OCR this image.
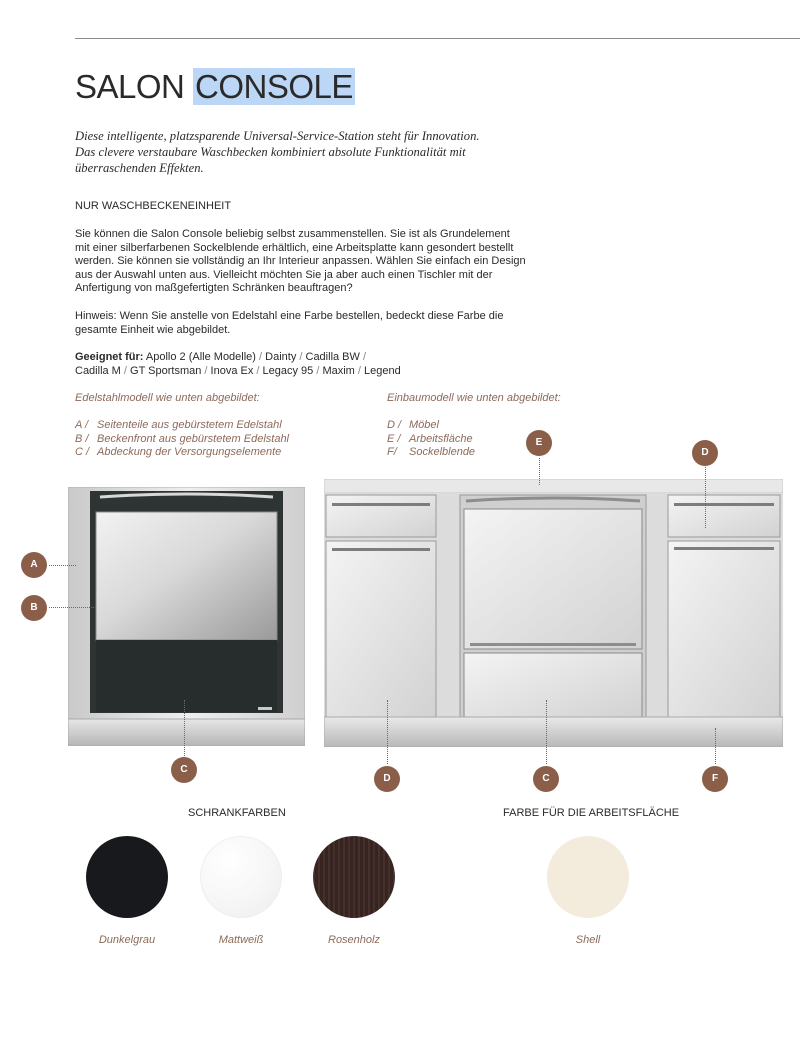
SALON CONSOLE
Diese intelligente, platzsparende Universal-Service-Station steht für Innovation.
Das clevere verstaubare Waschbecken kombiniert absolute Funktionalität mit
überraschenden Effekten.
NUR WASCHBECKENEINHEIT
Sie können die Salon Console beliebig selbst zusammenstellen. Sie ist als Grundelement
mit einer silberfarbenen Sockelblende erhältlich, eine Arbeitsplatte kann gesondert bestellt
werden. Sie können sie vollständig an Ihr Interieur anpassen. Wählen Sie einfach ein Design
aus der Auswahl unten aus. Vielleicht möchten Sie ja aber auch einen Tischler mit der
Anfertigung von maßgefertigten Schränken beauftragen?
Hinweis: Wenn Sie anstelle von Edelstahl eine Farbe bestellen, bedeckt diese Farbe die
gesamte Einheit wie abgebildet.
Geeignet für: Apollo 2 (Alle Modelle) / Dainty / Cadilla BW /
Cadilla M / GT Sportsman / Inova Ex / Legacy 95 / Maxim / Legend
Edelstahlmodell wie unten abgebildet:
A / Seitenteile aus gebürstetem Edelstahl
B / Beckenfront aus gebürstetem Edelstahl
C / Abdeckung der Versorgungselemente
Einbaumodell wie unten abgebildet:
D / Möbel
E / Arbeitsfläche
F/ Sockelblende
A
B
C
D	C	F
E
D
SCHRANKFARBEN	FARBE FÜR DIE ARBEITSFLÄCHE
Dunkelgrau	Mattweiß	Rosenholz	Shell
